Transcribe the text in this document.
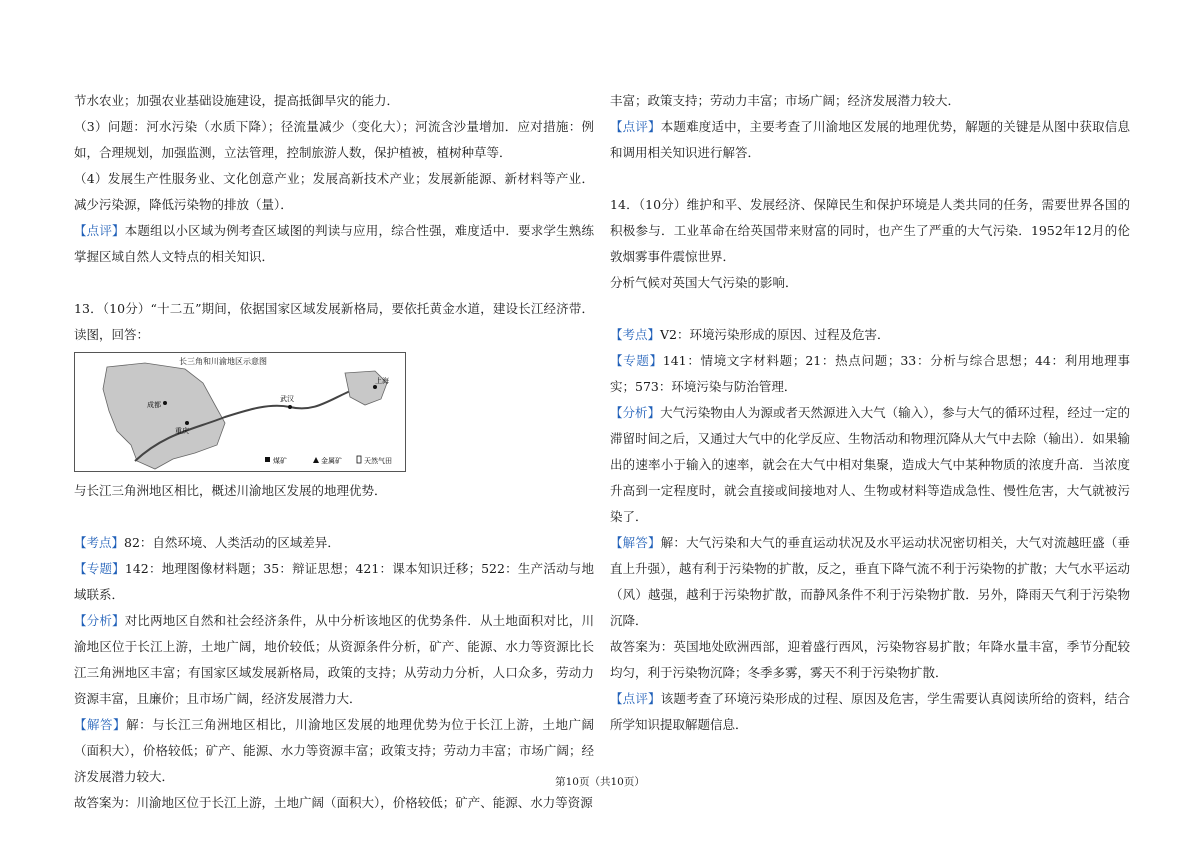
节水农业；加强农业基础设施建设，提高抵御旱灾的能力．

（3）问题：河水污染（水质下降）；径流量减少（变化大）；河流含沙量增加．应对措施：例如，合理规划，加强监测，立法管理，控制旅游人数，保护植被，植树种草等．

（4）发展生产性服务业、文化创意产业；发展高新技术产业；发展新能源、新材料等产业．减少污染源，降低污染物的排放（量）．

【点评】本题组以小区域为例考查区域图的判读与应用，综合性强，难度适中．要求学生熟练掌握区域自然人文特点的相关知识．

13．（10分）“十二五”期间，依据国家区域发展新格局，要依托黄金水道，建设长江经济带．读图，回答：

长三角和川渝地区示意图
成都
重庆
武汉
上海
煤矿	金属矿	天然气田

与长江三角洲地区相比，概述川渝地区发展的地理优势．

【考点】82：自然环境、人类活动的区域差异．

【专题】142：地理图像材料题；35：辩证思想；421：课本知识迁移；522：生产活动与地域联系．

【分析】对比两地区自然和社会经济条件，从中分析该地区的优势条件．从土地面积对比，川渝地区位于长江上游，土地广阔，地价较低；从资源条件分析，矿产、能源、水力等资源比长江三角洲地区丰富；有国家区域发展新格局，政策的支持；从劳动力分析，人口众多，劳动力资源丰富，且廉价；且市场广阔，经济发展潜力大．

【解答】解：与长江三角洲地区相比，川渝地区发展的地理优势为位于长江上游，土地广阔（面积大），价格较低；矿产、能源、水力等资源丰富；政策支持；劳动力丰富；市场广阔；经济发展潜力较大．

故答案为：川渝地区位于长江上游，土地广阔（面积大），价格较低；矿产、能源、水力等资源

丰富；政策支持；劳动力丰富；市场广阔；经济发展潜力较大．

【点评】本题难度适中，主要考查了川渝地区发展的地理优势，解题的关键是从图中获取信息和调用相关知识进行解答．

14．（10分）维护和平、发展经济、保障民生和保护环境是人类共同的任务，需要世界各国的积极参与．工业革命在给英国带来财富的同时，也产生了严重的大气污染．1952年12月的伦敦烟雾事件震惊世界．

分析气候对英国大气污染的影响．

【考点】V2：环境污染形成的原因、过程及危害．

【专题】141：情境文字材料题；21：热点问题；33：分析与综合思想；44：利用地理事实；573：环境污染与防治管理．

【分析】大气污染物由人为源或者天然源进入大气（输入），参与大气的循环过程，经过一定的滞留时间之后，又通过大气中的化学反应、生物活动和物理沉降从大气中去除（输出）．如果输出的速率小于输入的速率，就会在大气中相对集聚，造成大气中某种物质的浓度升高．当浓度升高到一定程度时，就会直接或间接地对人、生物或材料等造成急性、慢性危害，大气就被污染了．

【解答】解：大气污染和大气的垂直运动状况及水平运动状况密切相关，大气对流越旺盛（垂直上升强），越有利于污染物的扩散，反之，垂直下降气流不利于污染物的扩散；大气水平运动（风）越强，越利于污染物扩散，而静风条件不利于污染物扩散．另外，降雨天气利于污染物沉降．

故答案为：英国地处欧洲西部，迎着盛行西风，污染物容易扩散；年降水量丰富，季节分配较均匀，利于污染物沉降；冬季多雾，雾天不利于污染物扩散．

【点评】该题考查了环境污染形成的过程、原因及危害，学生需要认真阅读所给的资料，结合所学知识提取解题信息．

第10页（共10页）
